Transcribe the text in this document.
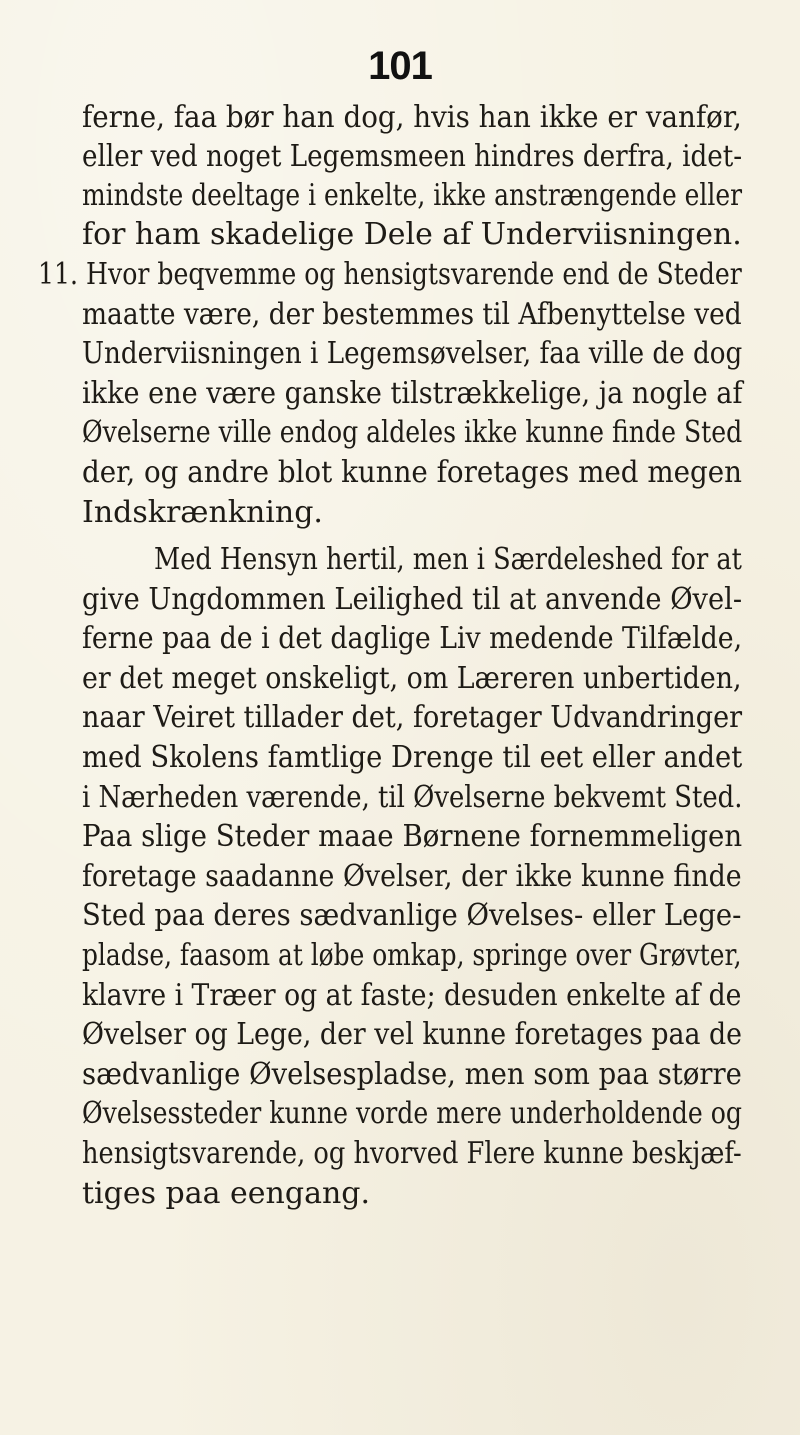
101
ferne, faa bør han dog, hvis han ikke er vanfør,
eller ved noget Legemsmeen hindres derfra, idet-
mindste deeltage i enkelte, ikke anstrængende eller
for ham skadelige Dele af Underviisningen.
11. Hvor beqvemme og hensigtsvarende end de Steder
maatte være, der bestemmes til Afbenyttelse ved
Underviisningen i Legemsøvelser, faa ville de dog
ikke ene være ganske tilstrækkelige, ja nogle af
Øvelserne ville endog aldeles ikke kunne finde Sted
der, og andre blot kunne foretages med megen
Indskrænkning.
Med Hensyn hertil, men i Særdeleshed for at
give Ungdommen Leilighed til at anvende Øvel-
ferne paa de i det daglige Liv medende Tilfælde,
er det meget onskeligt, om Læreren unbertiden,
naar Veiret tillader det, foretager Udvandringer
med Skolens famtlige Drenge til eet eller andet
i Nærheden værende, til Øvelserne bekvemt Sted.
Paa slige Steder maae Børnene fornemmeligen
foretage saadanne Øvelser, der ikke kunne finde
Sted paa deres sædvanlige Øvelses- eller Lege-
pladse, faasom at løbe omkap, springe over Grøvter,
klavre i Træer og at faste; desuden enkelte af de
Øvelser og Lege, der vel kunne foretages paa de
sædvanlige Øvelsespladse, men som paa større
Øvelsessteder kunne vorde mere underholdende og
hensigtsvarende, og hvorved Flere kunne beskjæf-
tiges paa eengang.
